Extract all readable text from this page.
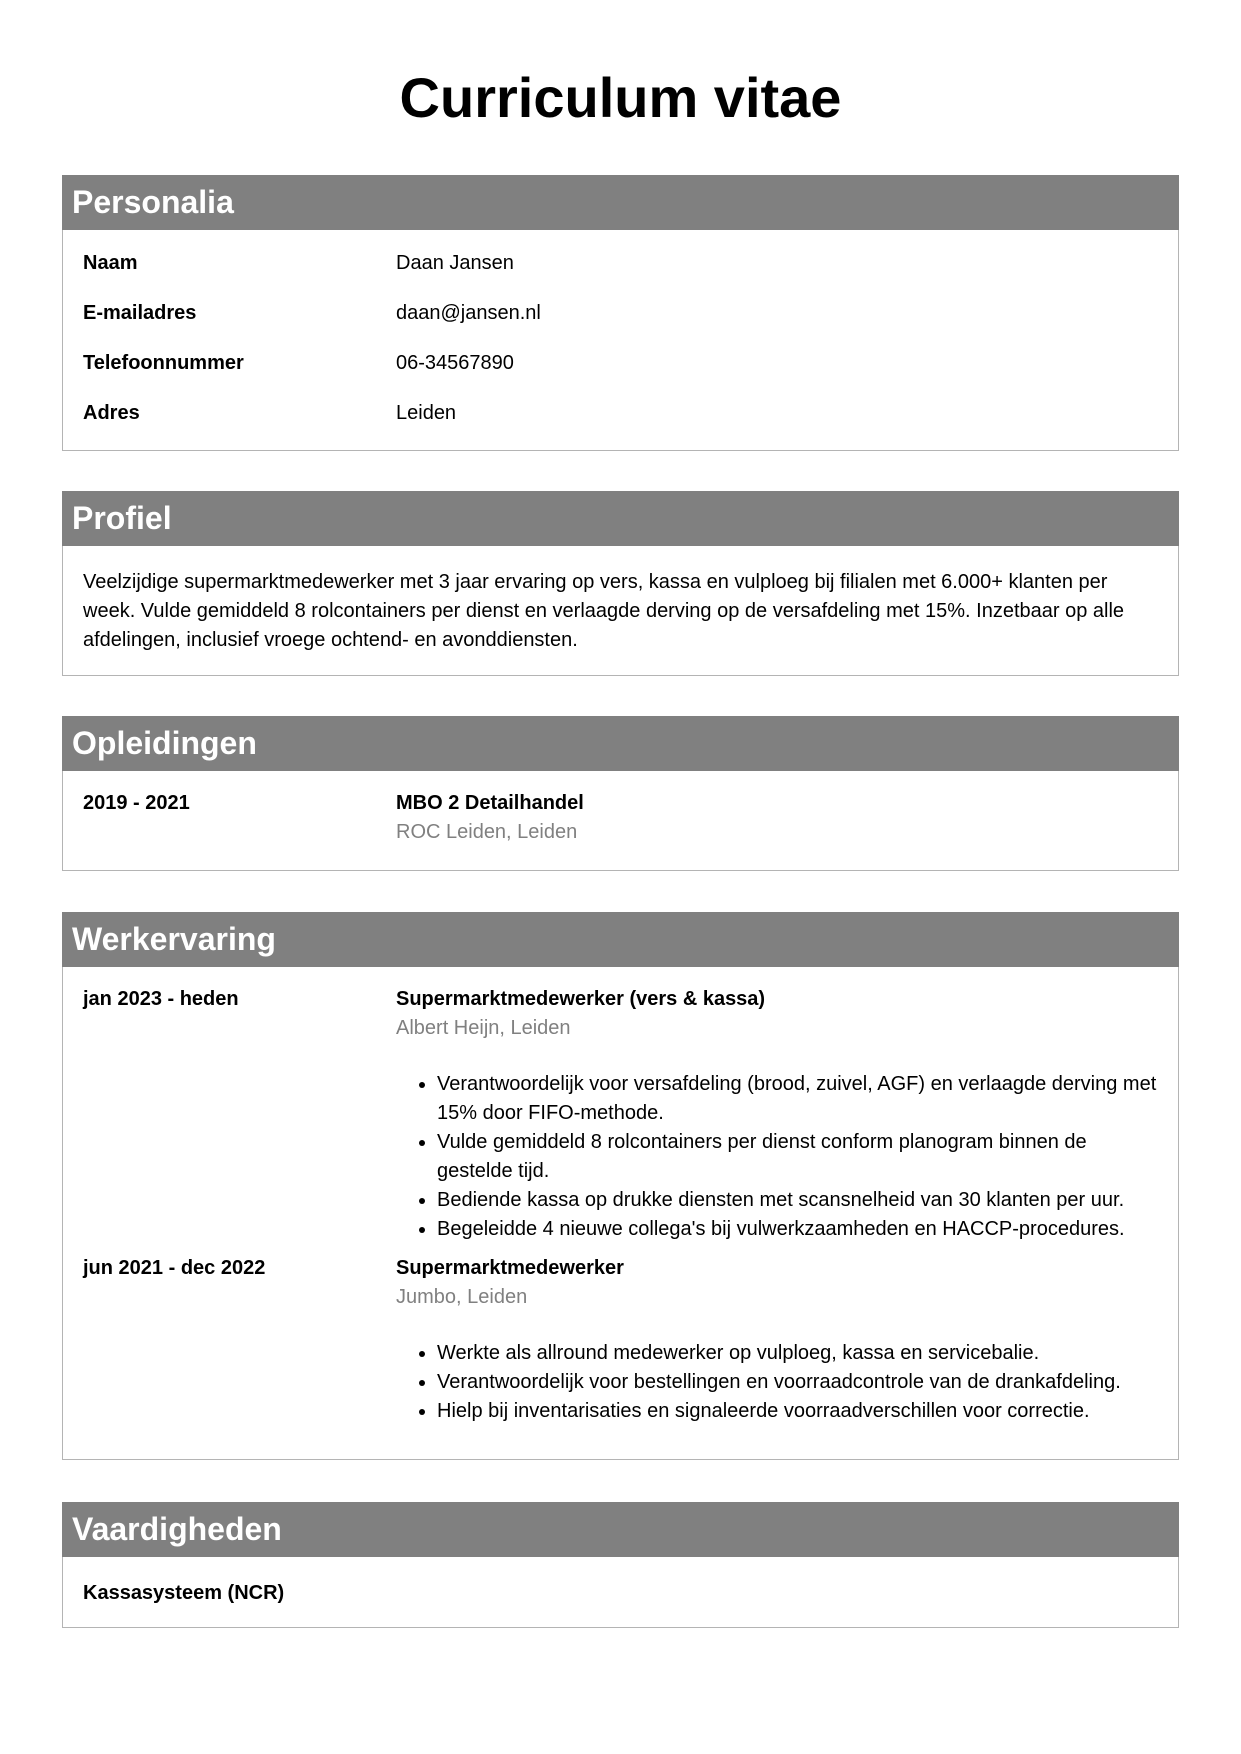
Curriculum vitae
Personalia
Naam	Daan Jansen
E-mailadres	daan@jansen.nl
Telefoonnummer	06-34567890
Adres	Leiden
Profiel

Veelzijdige supermarktmedewerker met 3 jaar ervaring op vers, kassa en vulploeg bij filialen met 6.000+ klanten per week. Vulde gemiddeld 8 rolcontainers per dienst en verlaagde derving op de versafdeling met 15%. Inzetbaar op alle afdelingen, inclusief vroege ochtend- en avonddiensten.

Opleidingen
2019 - 2021	MBO 2 Detailhandel
ROC Leiden, Leiden
Werkervaring
jan 2023 - heden	Supermarktmedewerker (vers & kassa)
Albert Heijn, Leiden
• Verantwoordelijk voor versafdeling (brood, zuivel, AGF) en verlaagde derving met 15% door FIFO-methode.
• Vulde gemiddeld 8 rolcontainers per dienst conform planogram binnen de gestelde tijd.
• Bediende kassa op drukke diensten met scansnelheid van 30 klanten per uur.
• Begeleidde 4 nieuwe collega's bij vulwerkzaamheden en HACCP-procedures.
jun 2021 - dec 2022	Supermarktmedewerker
Jumbo, Leiden
• Werkte als allround medewerker op vulploeg, kassa en servicebalie.
• Verantwoordelijk voor bestellingen en voorraadcontrole van de drankafdeling.
• Hielp bij inventarisaties en signaleerde voorraadverschillen voor correctie.
Vaardigheden
Kassasysteem (NCR)
